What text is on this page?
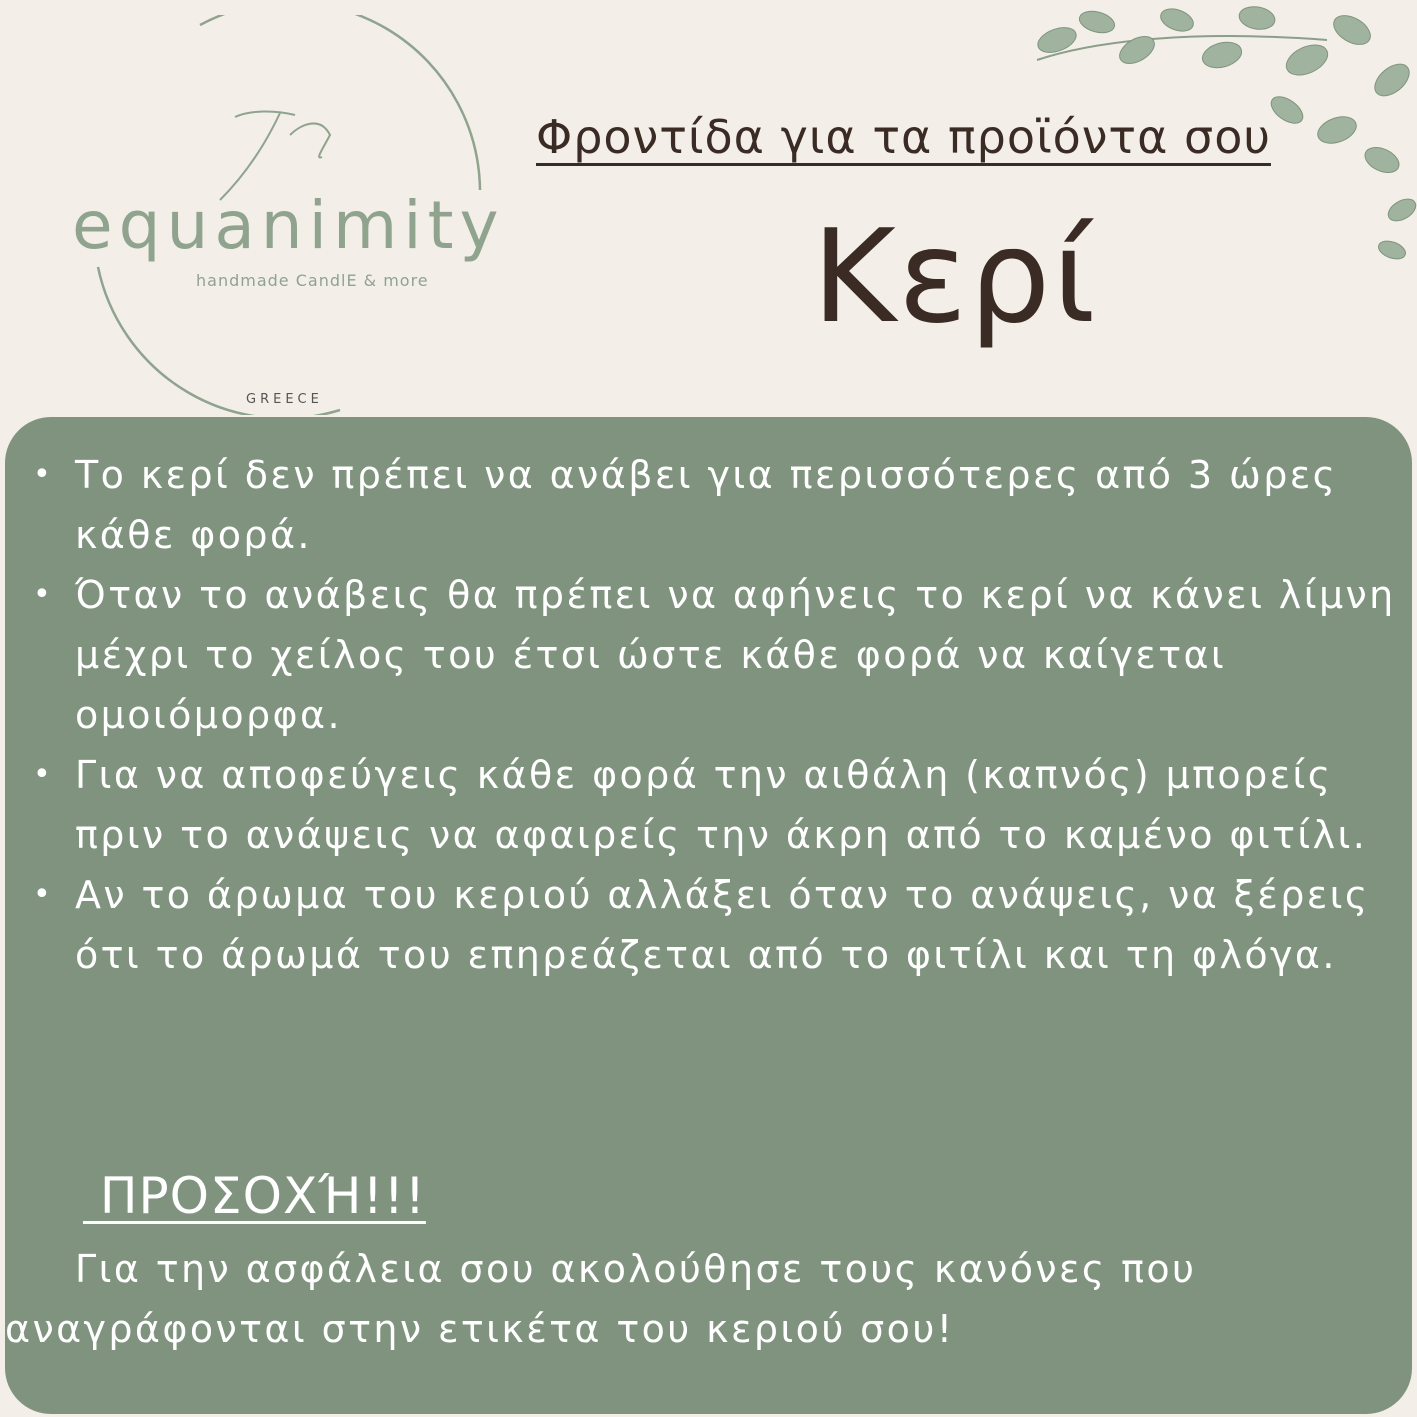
equanimity
handmade CandlE & more
GREECE
Φροντίδα για τα προϊόντα σου
Κερί
• Το κερί δεν πρέπει να ανάβει για περισσότερες από 3 ώρες κάθε φορά.
• Όταν το ανάβεις θα πρέπει να αφήνεις το κερί να κάνει λίμνη μέχρι το χείλος του έτσι ώστε κάθε φορά να καίγεται ομοιόμορφα.
• Για να αποφεύγεις κάθε φορά την αιθάλη (καπνός) μπορείς πριν το ανάψεις να αφαιρείς την άκρη από το καμένο φιτίλι.
• Αν το άρωμα του κεριού αλλάξει όταν το ανάψεις, να ξέρεις ότι το άρωμά του επηρεάζεται από το φιτίλι και τη φλόγα.
ΠΡΟΣΟΧΉ!!!
Για την ασφάλεια σου ακολούθησε τους κανόνες που αναγράφονται στην ετικέτα του κεριού σου!
